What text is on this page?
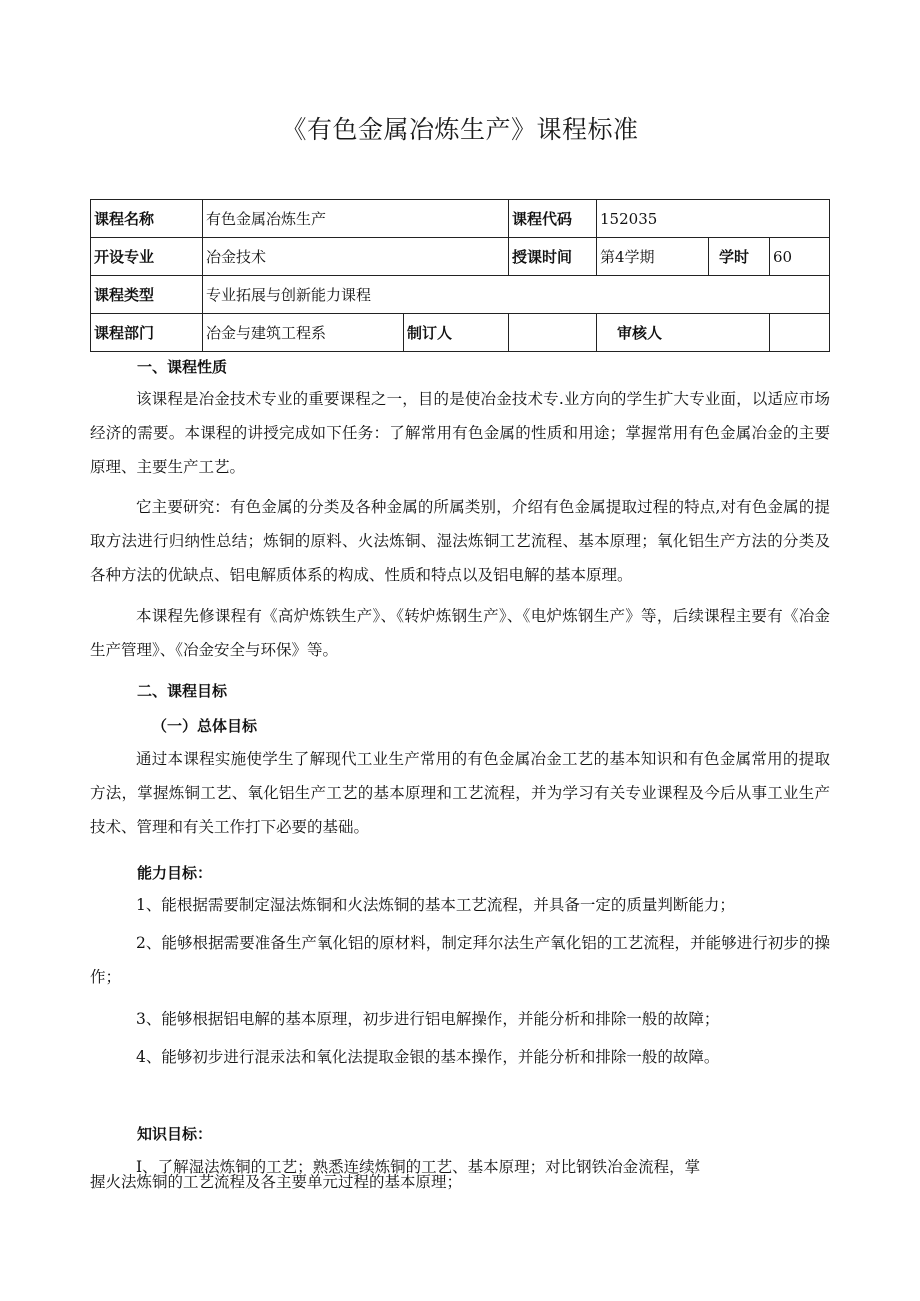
《有色金属冶炼生产》课程标准
课程名称	有色金属冶炼生产		课程代码	152035		
开设专业	冶金技术		授课时间	第4学期	学时	60
课程类型	专业拓展与创新能力课程					
课程部门	冶金与建筑工程系	制订人		审核人		
一、课程性质
该课程是冶金技术专业的重要课程之一，目的是使冶金技术专.业方向的学生扩大专业面，以适应市场经济的需要。本课程的讲授完成如下任务：了解常用有色金属的性质和用途；掌握常用有色金属冶金的主要原理、主要生产工艺。
它主要研究：有色金属的分类及各种金属的所属类别，介绍有色金属提取过程的特点,对有色金属的提取方法进行归纳性总结；炼铜的原料、火法炼铜、湿法炼铜工艺流程、基本原理；氧化铝生产方法的分类及各种方法的优缺点、铝电解质体系的构成、性质和特点以及铝电解的基本原理。
本课程先修课程有《高炉炼铁生产》、《转炉炼钢生产》、《电炉炼钢生产》等，后续课程主要有《冶金生产管理》、《冶金安全与环保》等。
二、课程目标
（一）总体目标
通过本课程实施使学生了解现代工业生产常用的有色金属冶金工艺的基本知识和有色金属常用的提取方法，掌握炼铜工艺、氧化铝生产工艺的基本原理和工艺流程，并为学习有关专业课程及今后从事工业生产技术、管理和有关工作打下必要的基础。
能力目标：
1、能根据需要制定湿法炼铜和火法炼铜的基本工艺流程，并具备一定的质量判断能力；
2、能够根据需要准备生产氧化铝的原材料，制定拜尔法生产氧化铝的工艺流程，并能够进行初步的操作；
3、能够根据铝电解的基本原理，初步进行铝电解操作，并能分析和排除一般的故障；
4、能够初步进行混汞法和氧化法提取金银的基本操作，并能分析和排除一般的故障。
知识目标：
I、了解湿法炼铜的工艺；熟悉连续炼铜的工艺、基本原理；对比钢铁冶金流程，掌
握火法炼铜的工艺流程及各主要单元过程的基本原理；
